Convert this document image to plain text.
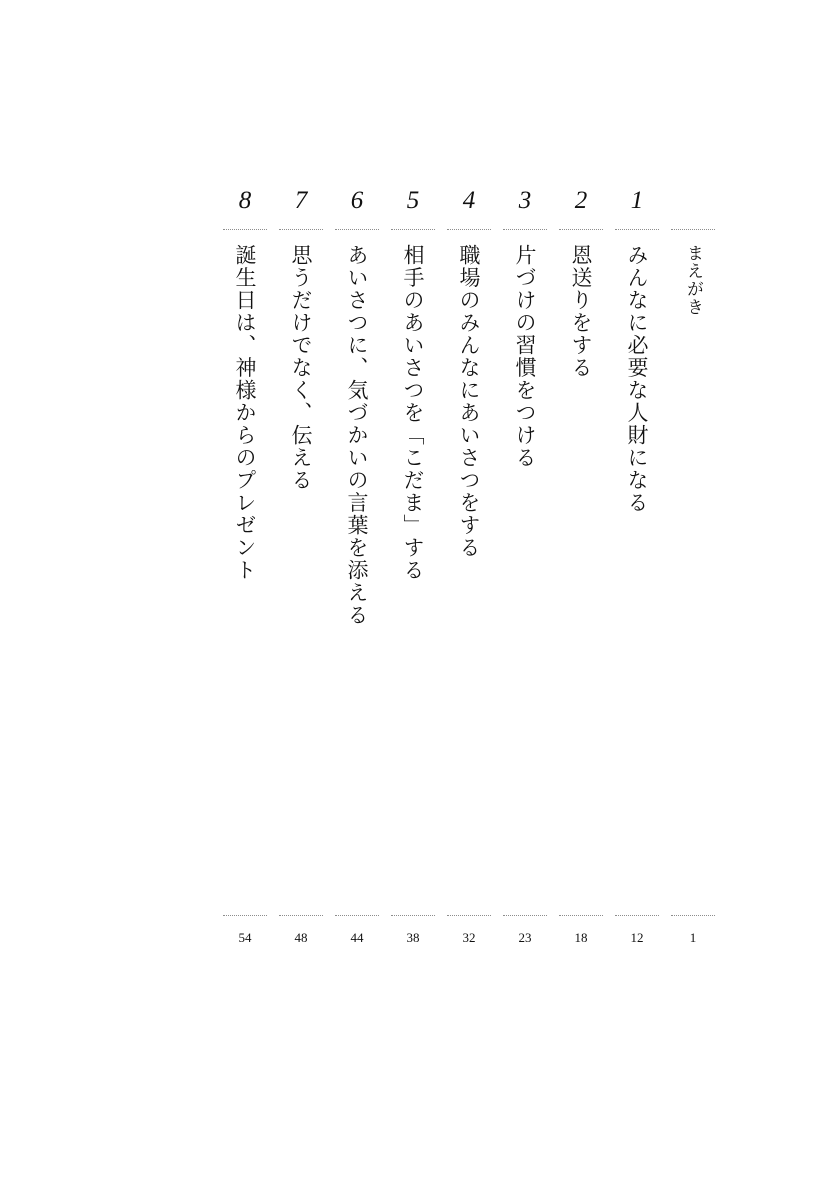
まえがき
1
1
みんなに必要な人財になる
12
2
恩送りをする
18
3
片づけの習慣をつける
23
4
職場のみんなにあいさつをする
32
5
相手のあいさつを「こだま」する
38
6
あいさつに、気づかいの言葉を添える
44
7
思うだけでなく、伝える
48
8
誕生日は、神様からのプレゼント
54
